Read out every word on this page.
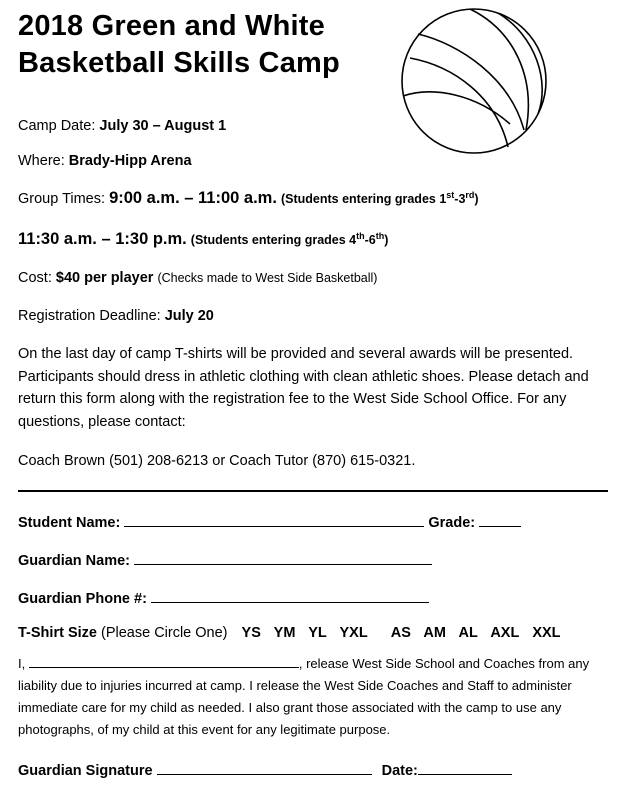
2018 Green and White
Basketball Skills Camp
Camp Date: July 30 – August 1
Where: Brady-Hipp Arena
Group Times: 9:00 a.m. – 11:00 a.m. (Students entering grades 1st-3rd)
11:30 a.m. – 1:30 p.m. (Students entering grades 4th-6th)
Cost: $40 per player (Checks made to West Side Basketball)
Registration Deadline: July 20
On the last day of camp T-shirts will be provided and several awards will be presented. Participants should dress in athletic clothing with clean athletic shoes. Please detach and return this form along with the registration fee to the West Side School Office. For any questions, please contact:
Coach Brown (501) 208-6213 or Coach Tutor (870) 615-0321.
Student Name:	Grade:
Guardian Name:
Guardian Phone #:
T-Shirt Size (Please Circle One) YS YM YL YXL AS AM AL AXL XXL
I,	, release West Side School and Coaches from any liability due to injuries incurred at camp. I release the West Side Coaches and Staff to administer immediate care for my child as needed. I also grant those associated with the camp to use any photographs, of my child at this event for any legitimate purpose.
Guardian Signature	Date:
